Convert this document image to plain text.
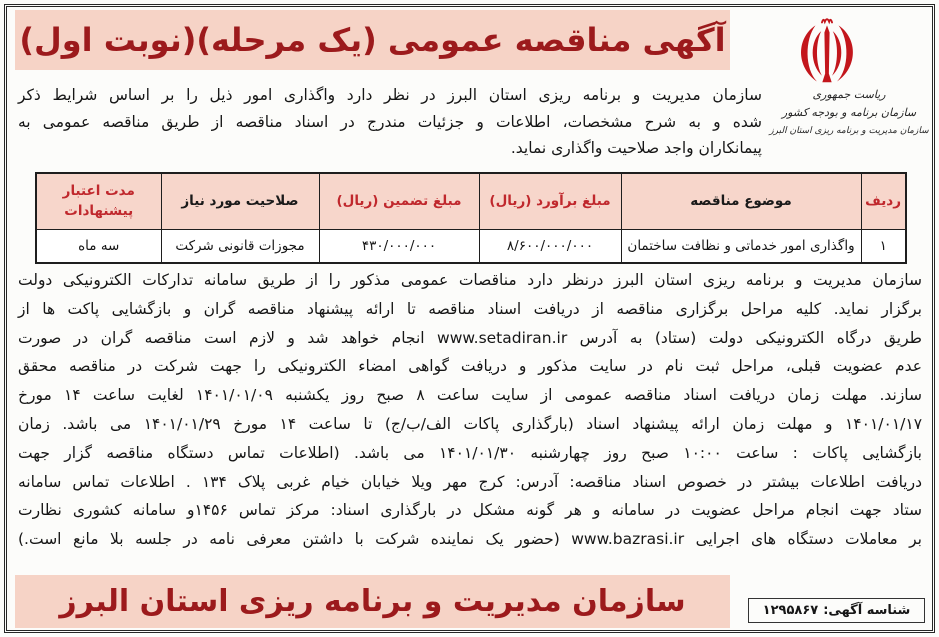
آگهی مناقصه عمومی (یک مرحله)(نوبت اول)
ریاست جمهوری
سازمان برنامه و بودجه کشور
سازمان مدیریت و برنامه ریزی استان البرز
سازمان مدیریت و برنامه ریزی استان البرز در نظر دارد واگذاری امور ذیل را بر اساس شرایط ذکر
شده و به شرح مشخصات، اطلاعات و جزئیات مندرج در اسناد مناقصه از طریق مناقصه عمومی به
پیمانکاران واجد صلاحیت واگذاری نماید.
ردیف	موضوع مناقصه	مبلغ برآورد (ریال)	مبلغ تضمین (ریال)	صلاحیت مورد نیاز	مدت اعتبار
پیشنهادات

۱	واگذاری امور خدماتی و نظافت ساختمان	۸/۶۰۰/۰۰۰/۰۰۰	۴۳۰/۰۰۰/۰۰۰	مجوزات قانونی شرکت	سه ماه
سازمان مدیریت و برنامه ریزی استان البرز درنظر دارد مناقصات عمومی مذکور را از طریق سامانه تدارکات الکترونیکی دولت
برگزار نماید. کلیه مراحل برگزاری مناقصه از دریافت اسناد مناقصه تا ارائه پیشنهاد مناقصه گران و بازگشایی پاکت ها از
طریق درگاه الکترونیکی دولت (ستاد) به آدرس www.setadiran.ir انجام خواهد شد و لازم است مناقصه گران در صورت
عدم عضویت قبلی، مراحل ثبت نام در سایت مذکور و دریافت گواهی امضاء الکترونیکی را جهت شرکت در مناقصه محقق
سازند. مهلت زمان دریافت اسناد مناقصه عمومی از سایت ساعت ۸ صبح روز یکشنبه ۱۴۰۱/۰۱/۰۹ لغایت ساعت ۱۴ مورخ
۱۴۰۱/۰۱/۱۷ و مهلت زمان ارائه پیشنهاد اسناد (بارگذاری پاکات الف/ب/ج) تا ساعت ۱۴ مورخ ۱۴۰۱/۰۱/۲۹ می باشد. زمان
بازگشایی پاکات : ساعت ۱۰:۰۰ صبح روز چهارشنبه ۱۴۰۱/۰۱/۳۰ می باشد. (اطلاعات تماس دستگاه مناقصه گزار جهت
دریافت اطلاعات بیشتر در خصوص اسناد مناقصه: آدرس: کرج مهر ویلا خیابان خیام غربی پلاک ۱۳۴ . اطلاعات تماس سامانه
ستاد جهت انجام مراحل عضویت در سامانه و هر گونه مشکل در بارگذاری اسناد: مرکز تماس ۱۴۵۶و سامانه کشوری نظارت
بر معاملات دستگاه های اجرایی www.bazrasi.ir (حضور یک نماینده شرکت با داشتن معرفی نامه در جلسه بلا مانع است.)
سازمان مدیریت و برنامه ریزی استان البرز	شناسه آگهی:
۱۲۹۵۸۶۷
